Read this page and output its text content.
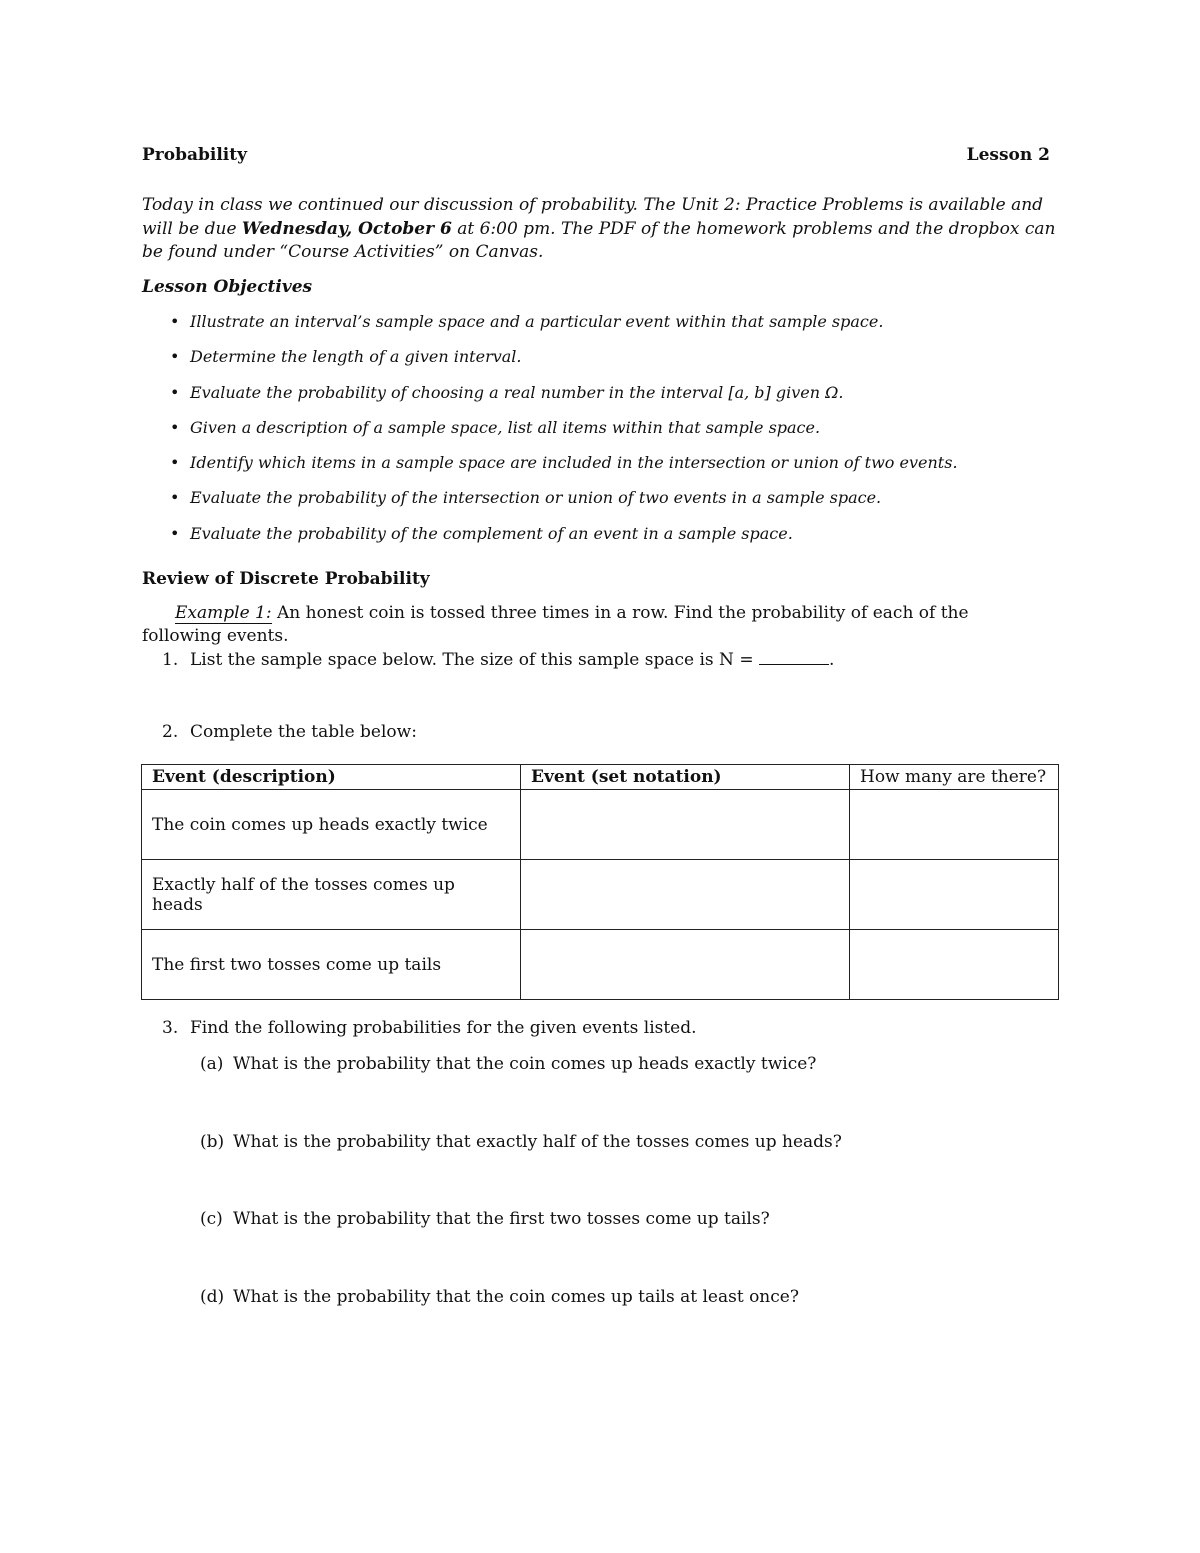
Probability	Lesson 2
Today in class we continued our discussion of probability. The Unit 2: Practice Problems is available and will be due Wednesday, October 6 at 6:00 pm. The PDF of the homework problems and the dropbox can be found under “Course Activities” on Canvas.
Lesson Objectives
• Illustrate an interval’s sample space and a particular event within that sample space.
• Determine the length of a given interval.
• Evaluate the probability of choosing a real number in the interval [a, b] given Ω.
• Given a description of a sample space, list all items within that sample space.
• Identify which items in a sample space are included in the intersection or union of two events.
• Evaluate the probability of the intersection or union of two events in a sample space.
• Evaluate the probability of the complement of an event in a sample space.
Review of Discrete Probability
Example 1: An honest coin is tossed three times in a row. Find the probability of each of the following events.
1. List the sample space below. The size of this sample space is N =	.
2. Complete the table below:
Event (description)	Event (set notation)	How many are there?
The coin comes up heads exactly twice		
Exactly half of the tosses comes up heads		
The first two tosses come up tails		
3. Find the following probabilities for the given events listed.
(a) What is the probability that the coin comes up heads exactly twice?
(b) What is the probability that exactly half of the tosses comes up heads?
(c) What is the probability that the first two tosses come up tails?
(d) What is the probability that the coin comes up tails at least once?
